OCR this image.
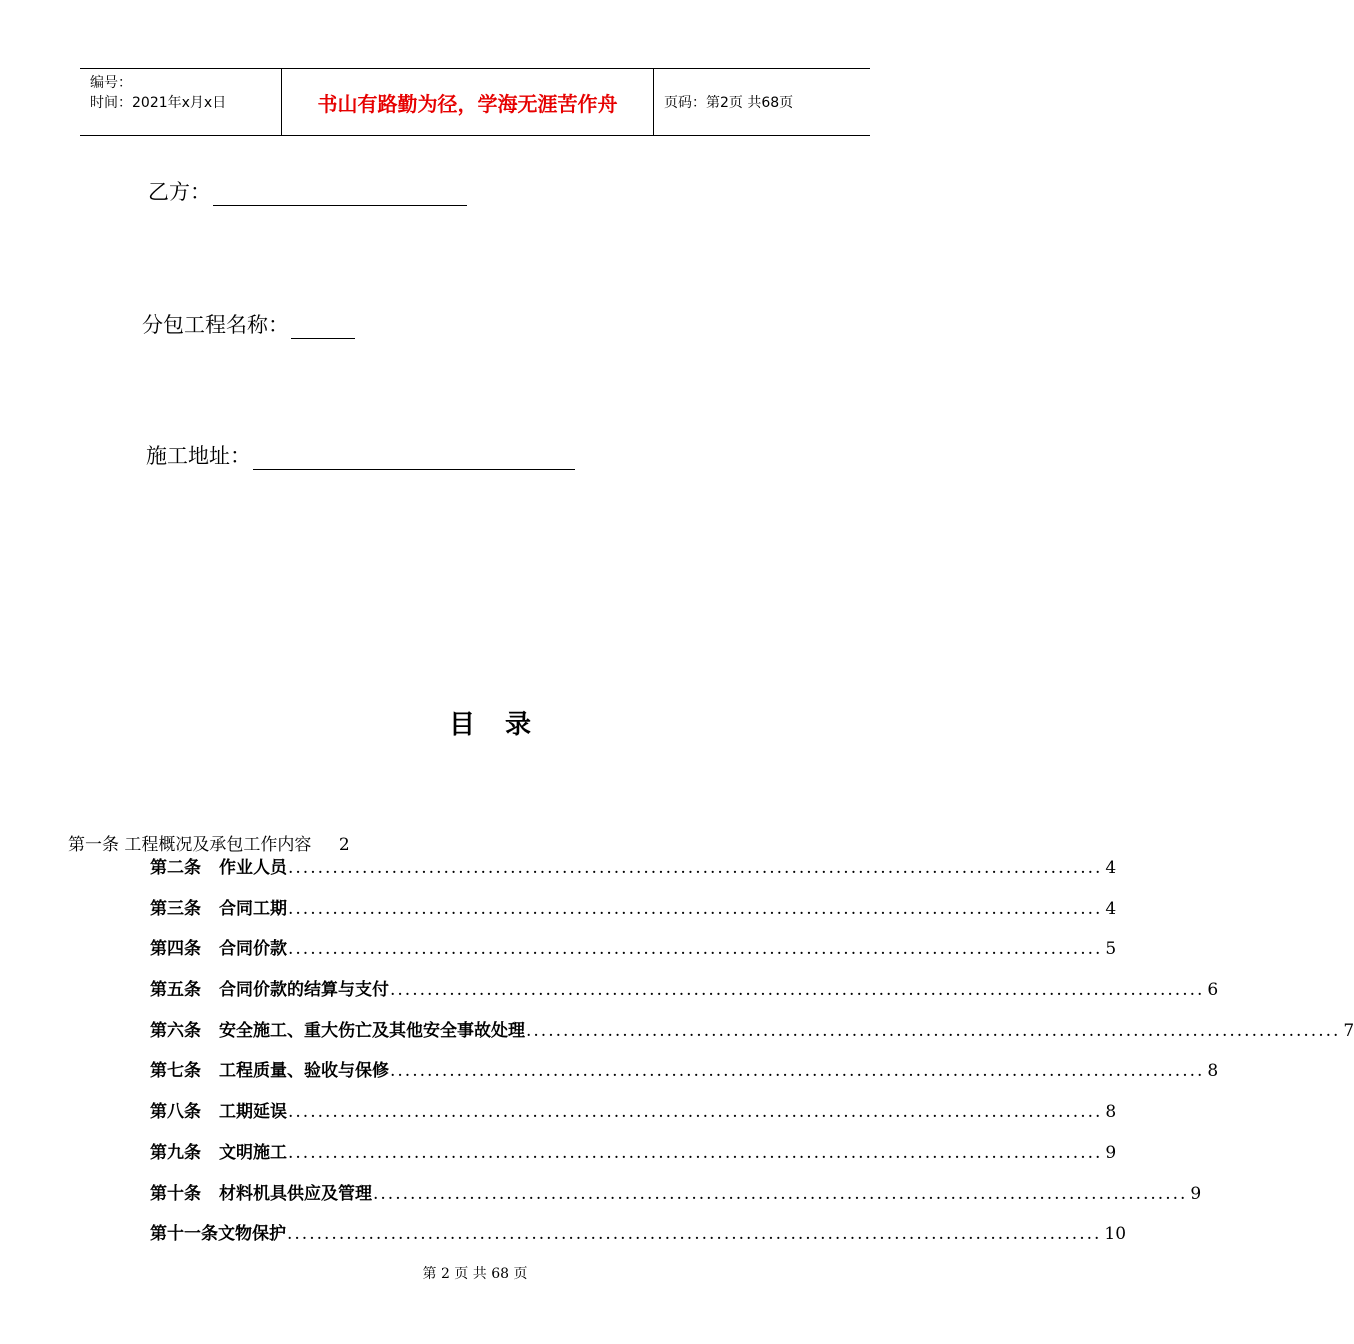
编号：
时间：2021年x月x日	书山有路勤为径，学海无涯苦作舟	页码：第2页 共68页
乙方：
分包工程名称：
施工地址：
目录
第一条 工程概况及承包工作内容 2
第二条 作业人员 .............................................................................................................. 4
第三条 合同工期 .............................................................................................................. 4
第四条 合同价款 .............................................................................................................. 5
第五条 合同价款的结算与支付 .............................................................................................................. 6
第六条 安全施工、重大伤亡及其他安全事故处理 .............................................................................................................. 7
第七条 工程质量、验收与保修 .............................................................................................................. 8
第八条 工期延误 .............................................................................................................. 8
第九条 文明施工 .............................................................................................................. 9
第十条 材料机具供应及管理 .............................................................................................................. 9
第十一条 文物保护 .............................................................................................................. 10
第 2 页 共 68 页
